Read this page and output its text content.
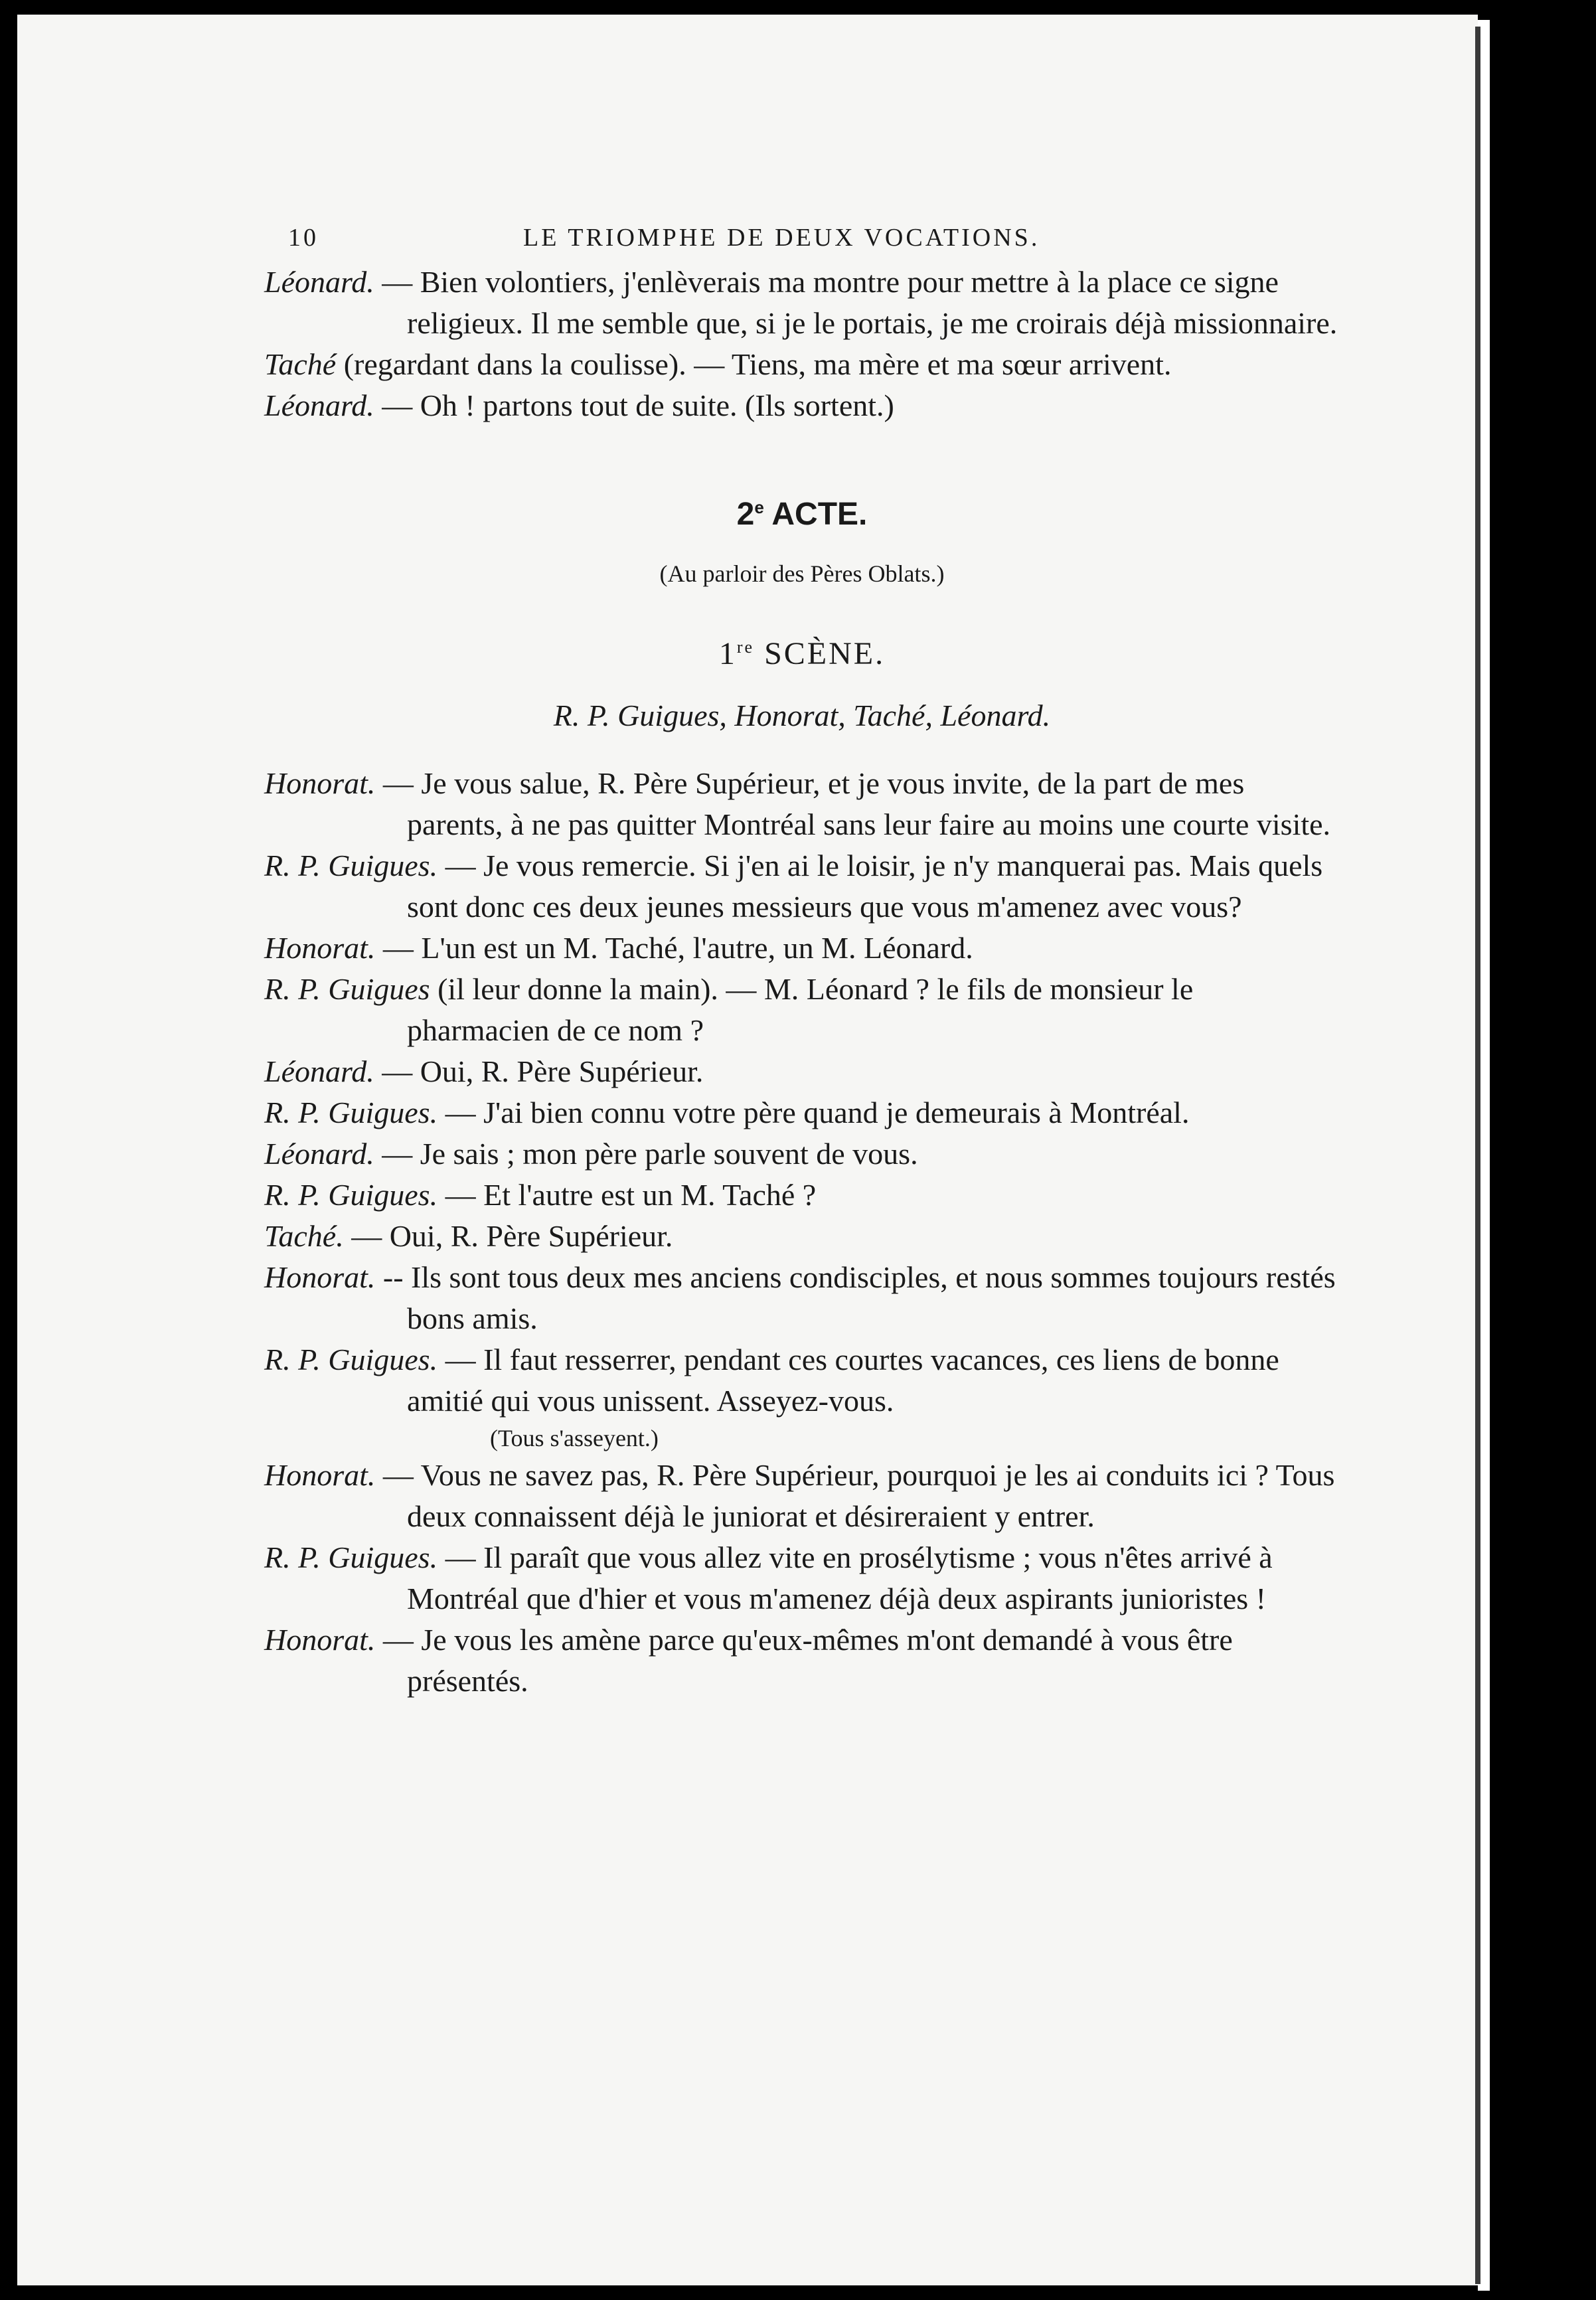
10	LE TRIOMPHE DE DEUX VOCATIONS.

Léonard. — Bien volontiers, j'enlèverais ma montre pour mettre à la place ce signe religieux. Il me semble que, si je le portais, je me croirais déjà missionnaire.

Taché (regardant dans la coulisse). — Tiens, ma mère et ma sœur arrivent.

Léonard. — Oh ! partons tout de suite. (Ils sortent.)

2e ACTE.
(Au parloir des Pères Oblats.)
1re SCÈNE.
R. P. Guigues, Honorat, Taché, Léonard.

Honorat. — Je vous salue, R. Père Supérieur, et je vous invite, de la part de mes parents, à ne pas quitter Montréal sans leur faire au moins une courte visite.

R. P. Guigues. — Je vous remercie. Si j'en ai le loisir, je n'y manquerai pas. Mais quels sont donc ces deux jeunes messieurs que vous m'amenez avec vous?

Honorat. — L'un est un M. Taché, l'autre, un M. Léonard.

R. P. Guigues (il leur donne la main). — M. Léonard ? le fils de monsieur le pharmacien de ce nom ?

Léonard. — Oui, R. Père Supérieur.

R. P. Guigues. — J'ai bien connu votre père quand je demeurais à Montréal.

Léonard. — Je sais ; mon père parle souvent de vous.

R. P. Guigues. — Et l'autre est un M. Taché ?

Taché. — Oui, R. Père Supérieur.

Honorat. -- Ils sont tous deux mes anciens condisciples, et nous sommes toujours restés bons amis.

R. P. Guigues. — Il faut resserrer, pendant ces courtes vacances, ces liens de bonne amitié qui vous unissent. Asseyez-vous.

(Tous s'asseyent.)

Honorat. — Vous ne savez pas, R. Père Supérieur, pourquoi je les ai conduits ici ? Tous deux connaissent déjà le juniorat et désireraient y entrer.

R. P. Guigues. — Il paraît que vous allez vite en prosélytisme ; vous n'êtes arrivé à Montréal que d'hier et vous m'amenez déjà deux aspirants junioristes !

Honorat. — Je vous les amène parce qu'eux-mêmes m'ont demandé à vous être présentés.
